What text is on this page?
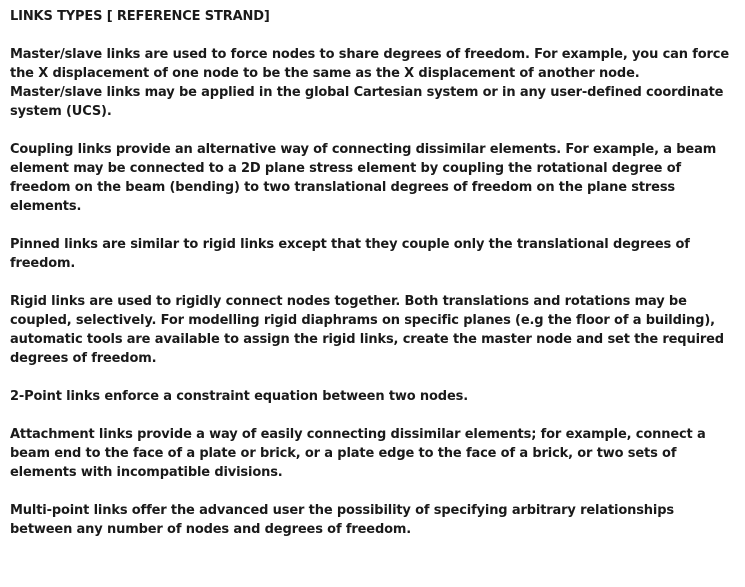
LINKS TYPES [ REFERENCE STRAND]

Master/slave links are used to force nodes to share degrees of freedom. For example, you can force the X displacement of one node to be the same as the X displacement of another node. Master/slave links may be applied in the global Cartesian system or in any user-defined coordinate system (UCS).

Coupling links provide an alternative way of connecting dissimilar elements. For example, a beam element may be connected to a 2D plane stress element by coupling the rotational degree of freedom on the beam (bending) to two translational degrees of freedom on the plane stress elements.

Pinned links are similar to rigid links except that they couple only the translational degrees of freedom.

Rigid links are used to rigidly connect nodes together. Both translations and rotations may be coupled, selectively. For modelling rigid diaphrams on specific planes (e.g the floor of a building), automatic tools are available to assign the rigid links, create the master node and set the required degrees of freedom.

2-Point links enforce a constraint equation between two nodes.

Attachment links provide a way of easily connecting dissimilar elements; for example, connect a beam end to the face of a plate or brick, or a plate edge to the face of a brick, or two sets of elements with incompatible divisions.

Multi-point links offer the advanced user the possibility of specifying arbitrary relationships between any number of nodes and degrees of freedom.
